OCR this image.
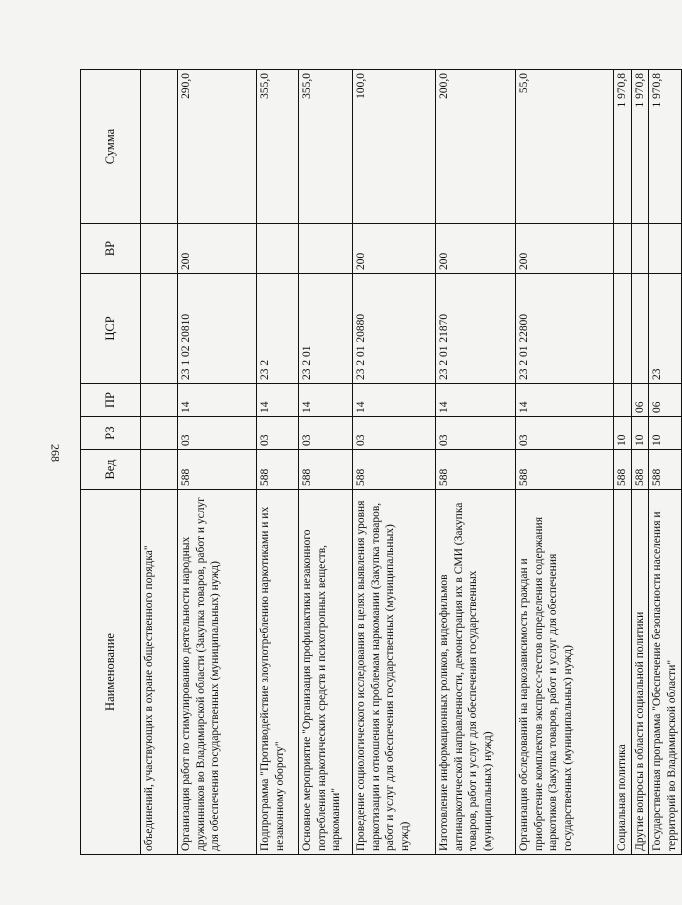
268
Наименование	Вед	РЗ	ПР	ЦСР	ВР	Сумма
объединений, участвующих в охране общественного порядка"						
Организация работ по стимулированию деятельности народных дружинников во Владимирской области (Закупка товаров, работ и услуг для обеспечения государственных (муниципальных) нужд)	588	03	14	23 1 02 20810	200	290,0
Подпрограмма "Противодействие злоупотреблению наркотиками и их незаконному обороту"	588	03	14	23 2		355,0
Основное мероприятие "Организация профилактики незаконного потребления наркотических средств и психотропных веществ, наркомании"	588	03	14	23 2 01		355,0
Проведение социологического исследования в целях выявления уровня наркотизации и отношения к проблемам наркомании (Закупка товаров, работ и услуг для обеспечения государственных (муниципальных) нужд)	588	03	14	23 2 01 20880	200	100,0
Изготовление информационных роликов, видеофильмов антинаркотической направленности, демонстрация их в СМИ (Закупка товаров, работ и услуг для обеспечения государственных (муниципальных) нужд)	588	03	14	23 2 01 21870	200	200,0
Организация обследований на наркозависимость граждан и приобретение комплектов экспресс-тестов определения содержания наркотиков (Закупка товаров, работ и услуг для обеспечения государственных (муниципальных) нужд)	588	03	14	23 2 01 22800	200	55,0
Социальная политика	588	10				1 970,8
Другие вопросы в области социальной политики	588	10	06			1 970,8
Государственная программа "Обеспечение безопасности населения и территорий во Владимирской области"	588	10	06	23		1 970,8
